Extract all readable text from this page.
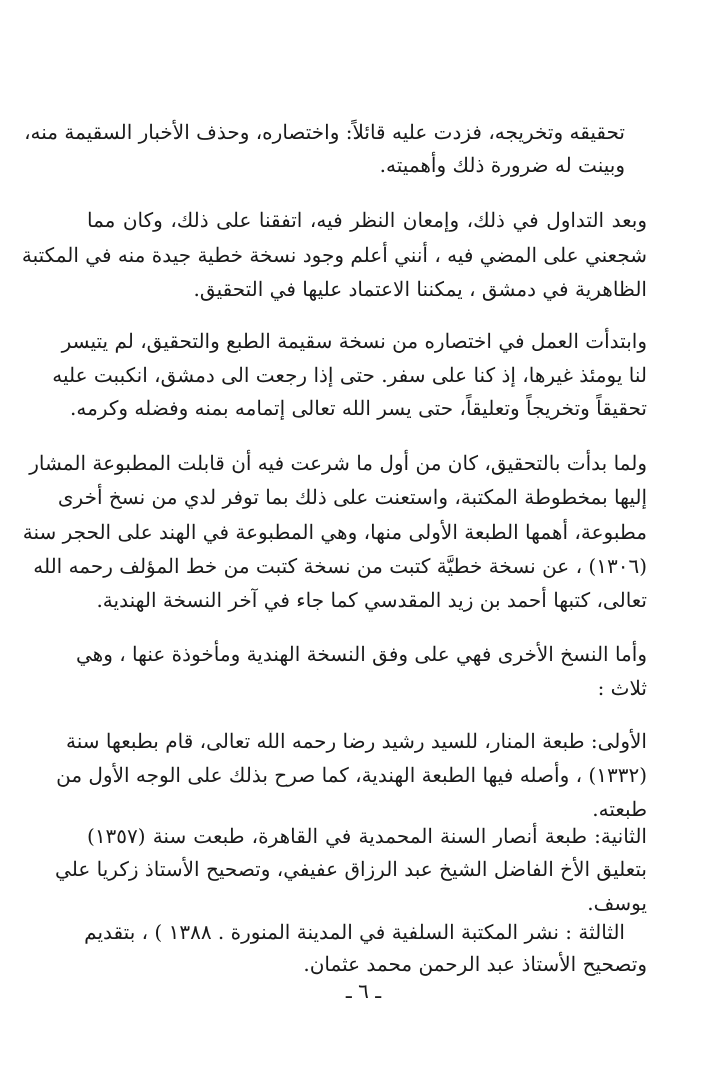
تحقيقه وتخريجه، فزدت عليه قائلاً: واختصاره، وحذف الأخبار السقيمة منه،
وبينت له ضرورة ذلك وأهميته.
وبعد التداول في ذلك، وإمعان النظر فيه، اتفقنا على ذلك، وكان مما
شجعني على المضي فيه ، أنني أعلم وجود نسخة خطية جيدة منه في المكتبة
الظاهرية في دمشق ، يمكننا الاعتماد عليها في التحقيق.
وابتدأت العمل في اختصاره من نسخة سقيمة الطبع والتحقيق، لم يتيسر
لنا يومئذ غيرها، إذ كنا على سفر. حتى إذا رجعت الى دمشق، انكببت عليه
تحقيقاً وتخريجاً وتعليقاً، حتى يسر الله تعالى إتمامه بمنه وفضله وكرمه.
ولما بدأت بالتحقيق، كان من أول ما شرعت فيه أن قابلت المطبوعة المشار
إليها بمخطوطة المكتبة، واستعنت على ذلك بما توفر لدي من نسخ أخرى
مطبوعة، أهمها الطبعة الأولى منها، وهي المطبوعة في الهند على الحجر سنة
(١٣٠٦) ، عن نسخة خطيَّة كتبت من نسخة كتبت من خط المؤلف رحمه الله
تعالى، كتبها أحمد بن زيد المقدسي كما جاء في آخر النسخة الهندية.
وأما النسخ الأخرى فهي على وفق النسخة الهندية ومأخوذة عنها ، وهي
ثلاث :
الأولى: طبعة المنار، للسيد رشيد رضا رحمه الله تعالى، قام بطبعها سنة
(١٣٣٢) ، وأصله فيها الطبعة الهندية، كما صرح بذلك على الوجه الأول من
طبعته.
الثانية: طبعة أنصار السنة المحمدية في القاهرة، طبعت سنة (١٣٥٧)
بتعليق الأخ الفاضل الشيخ عبد الرزاق عفيفي، وتصحيح الأستاذ زكريا علي
يوسف.
الثالثة : نشر المكتبة السلفية في المدينة المنورة . ١٣٨٨ ) ، بتقديم
وتصحيح الأستاذ عبد الرحمن محمد عثمان.
ـ ٦ ـ
